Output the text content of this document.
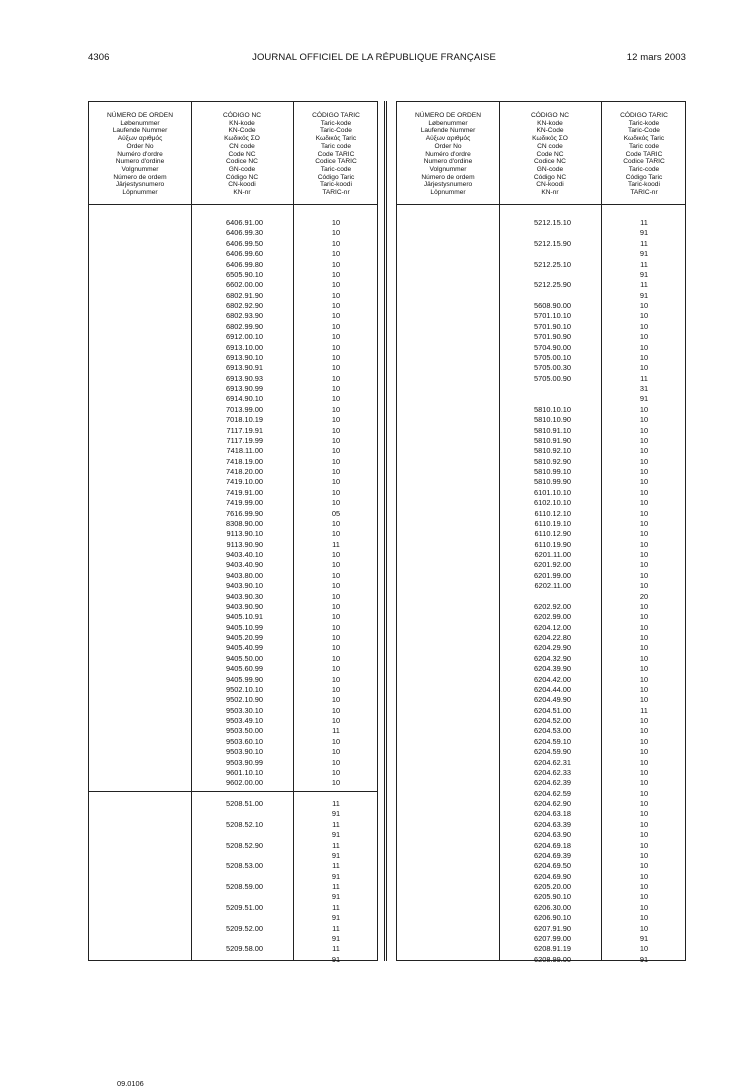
4306	JOURNAL OFFICIEL DE LA RÉPUBLIQUE FRANÇAISE	12 mars 2003
NÚMERO DE ORDEN
Løbenummer
Laufende Nummer
Αύξων αριθμός
Order No
Numéro d'ordre
Numero d'ordine
Volgnummer
Número de ordem
Järjestysnumero
Löpnummer
09.0106
CÓDIGO NC
KN-kode
KN-Code
Κωδικός ΣΟ
CN code
Code NC
Codice NC
GN-code
Código NC
CN-koodi
KN-nr
6406.91.00
6406.99.30
6406.99.50
6406.99.60
6406.99.80
6505.90.10
6602.00.00
6802.91.90
6802.92.90
6802.93.90
6802.99.90
6912.00.10
6913.10.00
6913.90.10
6913.90.91
6913.90.93
6913.90.99
6914.90.10
7013.99.00
7018.10.19
7117.19.91
7117.19.99
7418.11.00
7418.19.00
7418.20.00
7419.10.00
7419.91.00
7419.99.00
7616.99.90
8308.90.00
9113.90.10
9113.90.90
9403.40.10
9403.40.90
9403.80.00
9403.90.10
9403.90.30
9403.90.90
9405.10.91
9405.10.99
9405.20.99
9405.40.99
9405.50.00
9405.60.99
9405.99.90
9502.10.10
9502.10.90
9503.30.10
9503.49.10
9503.50.00
9503.60.10
9503.90.10
9503.90.99
9601.10.10
9602.00.00
5208.51.00
5208.52.10
5208.52.90
5208.53.00
5208.59.00
5209.51.00
5209.52.00
5209.58.00
CÓDIGO TARIC
Taric-kode
Taric-Code
Κωδικός Taric
Taric code
Code TARIC
Codice TARIC
Taric-code
Código Taric
Taric-koodi
TARIC-nr
10
10
10
10
10
10
10
10
10
10
10
10
10
10
10
10
10
10
10
10
10
10
10
10
10
10
10
10
05
10
10
11
10
10
10
10
10
10
10
10
10
10
10
10
10
10
10
10
10
11
10
10
10
10
10
11
91
11
91
11
91
11
91
11
91
11
91
11
91
11
91
NÚMERO DE ORDEN
Løbenummer
Laufende Nummer
Αύξων αριθμός
Order No
Numéro d'ordre
Numero d'ordine
Volgnummer
Número de ordem
Järjestysnumero
Löpnummer
CÓDIGO NC
KN-kode
KN-Code
Κωδικός ΣΟ
CN code
Code NC
Codice NC
GN-code
Código NC
CN-koodi
KN-nr
5212.15.10
5212.15.90
5212.25.10
5212.25.90
5608.90.00
5701.10.10
5701.90.10
5701.90.90
5704.90.00
5705.00.10
5705.00.30
5705.00.90
5810.10.10
5810.10.90
5810.91.10
5810.91.90
5810.92.10
5810.92.90
5810.99.10
5810.99.90
6101.10.10
6102.10.10
6110.12.10
6110.19.10
6110.12.90
6110.19.90
6201.11.00
6201.92.00
6201.99.00
6202.11.00
6202.92.00
6202.99.00
6204.12.00
6204.22.80
6204.29.90
6204.32.90
6204.39.90
6204.42.00
6204.44.00
6204.49.90
6204.51.00
6204.52.00
6204.53.00
6204.59.10
6204.59.90
6204.62.31
6204.62.33
6204.62.39
6204.62.59
6204.62.90
6204.63.18
6204.63.39
6204.63.90
6204.69.18
6204.69.39
6204.69.50
6204.69.90
6205.20.00
6205.90.10
6206.30.00
6206.90.10
6207.91.90
6207.99.00
6208.91.19
6208.99.00
CÓDIGO TARIC
Taric-kode
Taric-Code
Κωδικός Taric
Taric code
Code TARIC
Codice TARIC
Taric-code
Código Taric
Taric-koodi
TARIC-nr
11
91
11
91
11
91
11
91
10
10
10
10
10
10
10
11
31
91
10
10
10
10
10
10
10
10
10
10
10
10
10
10
10
10
10
10
20
10
10
10
10
10
10
10
10
10
10
11
10
10
10
10
10
10
10
10
10
10
10
10
10
10
10
10
10
10
10
10
10
91
10
91
